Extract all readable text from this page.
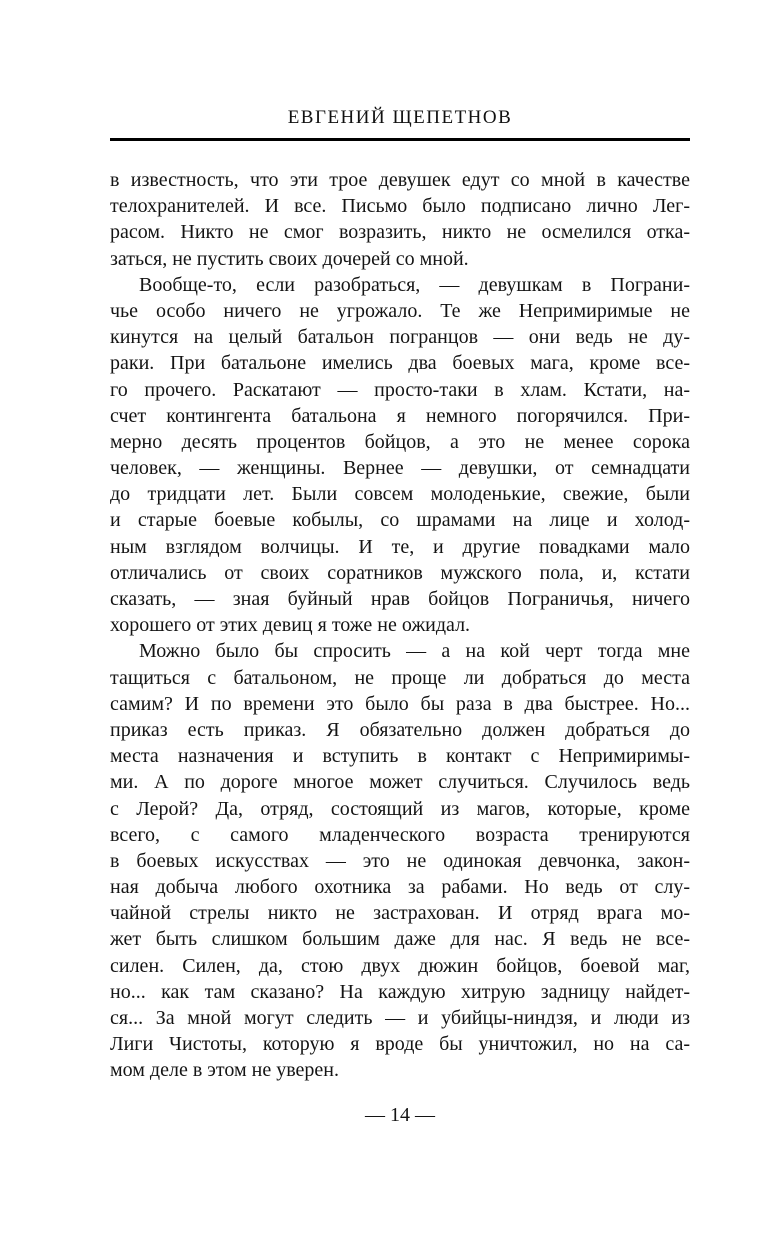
ЕВГЕНИЙ ЩЕПЕТНОВ
в известность, что эти трое девушек едут со мной в качестве
телохранителей. И все. Письмо было подписано лично Лег-
расом. Никто не смог возразить, никто не осмелился отка-
заться, не пустить своих дочерей со мной.
Вообще-то, если разобраться, — девушкам в Пограни-
чье особо ничего не угрожало. Те же Непримиримые не
кинутся на целый батальон погранцов — они ведь не ду-
раки. При батальоне имелись два боевых мага, кроме все-
го прочего. Раскатают — просто-таки в хлам. Кстати, на-
счет контингента батальона я немного погорячился. При-
мерно десять процентов бойцов, а это не менее сорока
человек, — женщины. Вернее — девушки, от семнадцати
до тридцати лет. Были совсем молоденькие, свежие, были
и старые боевые кобылы, со шрамами на лице и холод-
ным взглядом волчицы. И те, и другие повадками мало
отличались от своих соратников мужского пола, и, кстати
сказать, — зная буйный нрав бойцов Пограничья, ничего
хорошего от этих девиц я тоже не ожидал.
Можно было бы спросить — а на кой черт тогда мне
тащиться с батальоном, не проще ли добраться до места
самим? И по времени это было бы раза в два быстрее. Но...
приказ есть приказ. Я обязательно должен добраться до
места назначения и вступить в контакт с Непримиримы-
ми. А по дороге многое может случиться. Случилось ведь
с Лерой? Да, отряд, состоящий из магов, которые, кроме
всего, с самого младенческого возраста тренируются
в боевых искусствах — это не одинокая девчонка, закон-
ная добыча любого охотника за рабами. Но ведь от слу-
чайной стрелы никто не застрахован. И отряд врага мо-
жет быть слишком большим даже для нас. Я ведь не все-
силен. Силен, да, стою двух дюжин бойцов, боевой маг,
но... как там сказано? На каждую хитрую задницу найдет-
ся... За мной могут следить — и убийцы-ниндзя, и люди из
Лиги Чистоты, которую я вроде бы уничтожил, но на са-
мом деле в этом не уверен.
— 14 —
